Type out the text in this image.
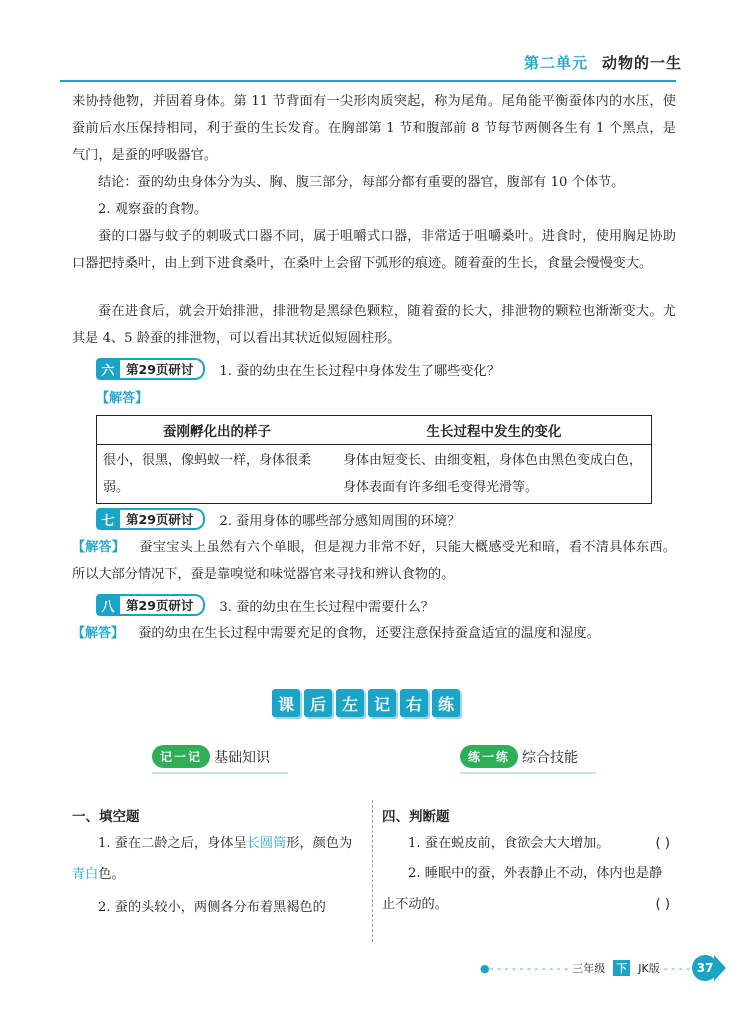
第二单元 动物的一生
来协持他物，并固着身体。第 11 节背面有一尖形肉质突起，称为尾角。尾角能平衡蚕体内的水压，使蚕前后水压保持相同，利于蚕的生长发育。在胸部第 1 节和腹部前 8 节每节两侧各生有 1 个黑点，是气门，是蚕的呼吸器官。
结论：蚕的幼虫身体分为头、胸、腹三部分，每部分都有重要的器官，腹部有 10 个体节。
2. 观察蚕的食物。
蚕的口器与蚊子的刺吸式口器不同，属于咀嚼式口器，非常适于咀嚼桑叶。进食时，使用胸足协助口器把持桑叶，由上到下进食桑叶，在桑叶上会留下弧形的痕迹。随着蚕的生长，食量会慢慢变大。
蚕在进食后，就会开始排泄，排泄物是黑绿色颗粒，随着蚕的长大，排泄物的颗粒也渐渐变大。尤其是 4、5 龄蚕的排泄物，可以看出其状近似短圆柱形。
六 第29页研讨	1. 蚕的幼虫在生长过程中身体发生了哪些变化？
【解答】
蚕刚孵化出的样子	生长过程中发生的变化
很小，很黑，像蚂蚁一样，身体很柔弱。	身体由短变长、由细变粗，身体色由黑色变成白色，身体表面有许多细毛变得光滑等。
七 第29页研讨	2. 蚕用身体的哪些部分感知周围的环境？
【解答】 蚕宝宝头上虽然有六个单眼，但是视力非常不好，只能大概感受光和暗，看不清具体东西。所以大部分情况下，蚕是靠嗅觉和味觉器官来寻找和辨认食物的。
八 第29页研讨	3. 蚕的幼虫在生长过程中需要什么？
【解答】 蚕的幼虫在生长过程中需要充足的食物，还要注意保持蚕盒适宜的温度和湿度。
课 后 左 记 右 练
记一记 基础知识	练一练 综合技能
一、填空题
1. 蚕在二龄之后，身体呈长圆筒形，颜色为青白色。
2. 蚕的头较小，两侧各分布着黑褐色的
四、判断题
1. 蚕在蜕皮前，食欲会大大增加。	( )
2. 睡眠中的蚕，外表静止不动，体内也是静止不动的。	( )
●- - - - - - - - - - - 三年级 下 JK版 - - - - 37
